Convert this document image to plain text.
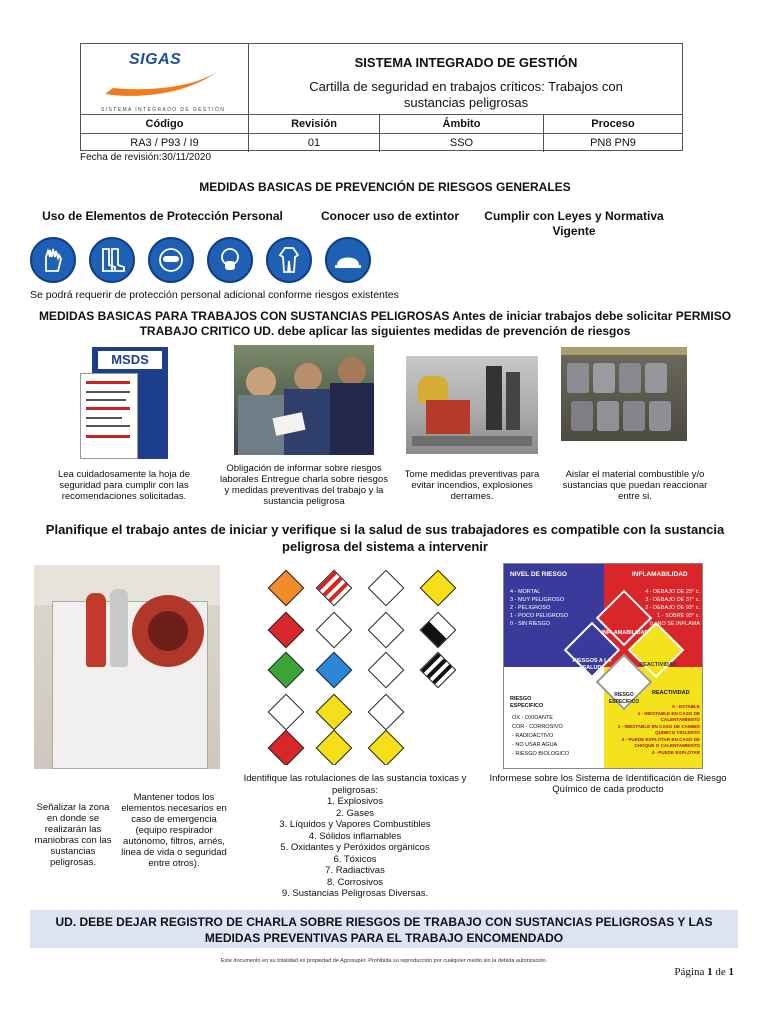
SIGAS
SISTEMA INTEGRADO DE GESTIÓN
SISTEMA INTEGRADO DE GESTIÓN
Cartilla de seguridad en trabajos críticos: Trabajos con sustancias peligrosas
Código	Revisión	Ámbito	Proceso
RA3 / P93 / I9	01	SSO	PN8 PN9
Fecha de revisión:30/11/2020
MEDIDAS BASICAS DE PREVENCIÓN DE RIESGOS GENERALES
Uso de Elementos de Protección Personal	Conocer uso de extintor	Cumplir con Leyes y Normativa Vigente
Se podrá requerir de protección personal adicional conforme riesgos existentes
MEDIDAS BASICAS PARA TRABAJOS CON SUSTANCIAS PELIGROSAS Antes de iniciar trabajos debe solicitar PERMISO TRABAJO CRITICO UD. debe aplicar las siguientes medidas de prevención de riesgos
MSDS
Lea cuidadosamente la hoja de seguridad para cumplir con las recomendaciones solicitadas.
Obligación de informar sobre riesgos laborales Entregue charla sobre riesgos y medidas preventivas del trabajo y la sustancia peligrosa
Tome medidas preventivas para evitar incendios, explosiones derrames.
Aislar el material combustible y/o sustancias que puedan reaccionar entre si.
Planifique el trabajo antes de iniciar y verifique si la salud de sus trabajadores es compatible con la sustancia peligrosa del sistema a intervenir
NIVEL DE RIESGO
4 - MORTAL
3 - MUY PELIGROSO
2 - PELIGROSO
1 - POCO PELIGROSO
0 - SIN RIESGO
INFLAMABILIDAD
4 - DEBAJO DE 25° c.
3 - DEBAJO DE 37° c.
2 - DEBAJO DE 93° c.
1 - SOBRE 93° c.
0 - NO SE INFLAMA
INFLAMABILIDAD
RIESGOS A LA SALUD	REACTIVIDAD
RIESGO ESPECIFICO
RIESGO ESPECIFICO
OX - OXIDANTE
COR - CORROSIVO
- RADIOACTIVO
- NO USAR AGUA
- RIESGO BIOLOGICO
REACTIVIDAD
0 - ESTABLE
1 - INESTABLE EN CASO DE CALENTAMIENTO
2 - INESTABLE EN CASO DE CAMBIO QUIMICO VIOLENTO
3 - PUEDE EXPLOTAR EN CASO DE CHOQUE O CALENTAMIENTO
4 - PUEDE EXPLOTAR
Señalizar la zona en donde se realizarán las maniobras con las sustancias peligrosas.
Mantener todos los elementos necesarios en caso de emergencia (equipo respirador autónomo, filtros, arnés, linea de vida o seguridad entre otros).
Identifique las rotulaciones de las sustancia toxicas y peligrosas:
1. Explosivos
2. Gases
3. Líquidos y Vapores Combustibles
4. Sólidos inflamables
5. Oxidantes y Peróxidos orgánicos
6. Tóxicos
7. Radiactivas
8. Corrosivos
9. Sustancias Peligrosas Diversas.
Informese sobre los Sistema de Identificación de Riesgo Químico de cada producto
UD. DEBE DEJAR REGISTRO DE CHARLA SOBRE RIESGOS DE TRABAJO CON SUSTANCIAS PELIGROSAS Y LAS MEDIDAS PREVENTIVAS PARA EL TRABAJO ENCOMENDADO
Este documento en su totalidad es propiedad de Agrosuper. Prohibida su reproducción por cualquier medio sin la debida autorización.
Página 1 de 1
